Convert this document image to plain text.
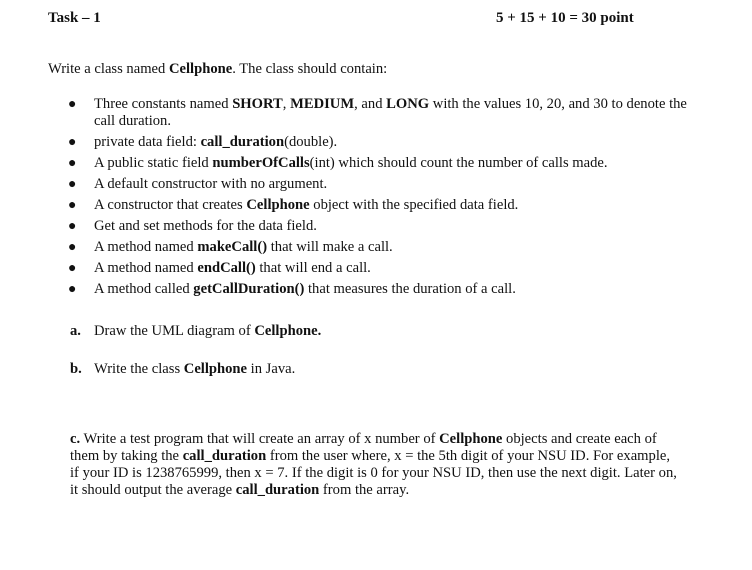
Task – 1	5 + 15 + 10 = 30 point
Write a class named Cellphone. The class should contain:
● Three constants named SHORT, MEDIUM, and LONG with the values 10, 20, and 30 to denote the call duration.
● private data field: call_duration(double).
● A public static field numberOfCalls(int) which should count the number of calls made.
● A default constructor with no argument.
● A constructor that creates Cellphone object with the specified data field.
● Get and set methods for the data field.
● A method named makeCall() that will make a call.
● A method named endCall() that will end a call.
● A method called getCallDuration() that measures the duration of a call.
a. Draw the UML diagram of Cellphone.
b. Write the class Cellphone in Java.
c. Write a test program that will create an array of x number of Cellphone objects and create each of them by taking the call_duration from the user where, x = the 5th digit of your NSU ID. For example, if your ID is 1238765999, then x = 7. If the digit is 0 for your NSU ID, then use the next digit. Later on, it should output the average call_duration from the array.
